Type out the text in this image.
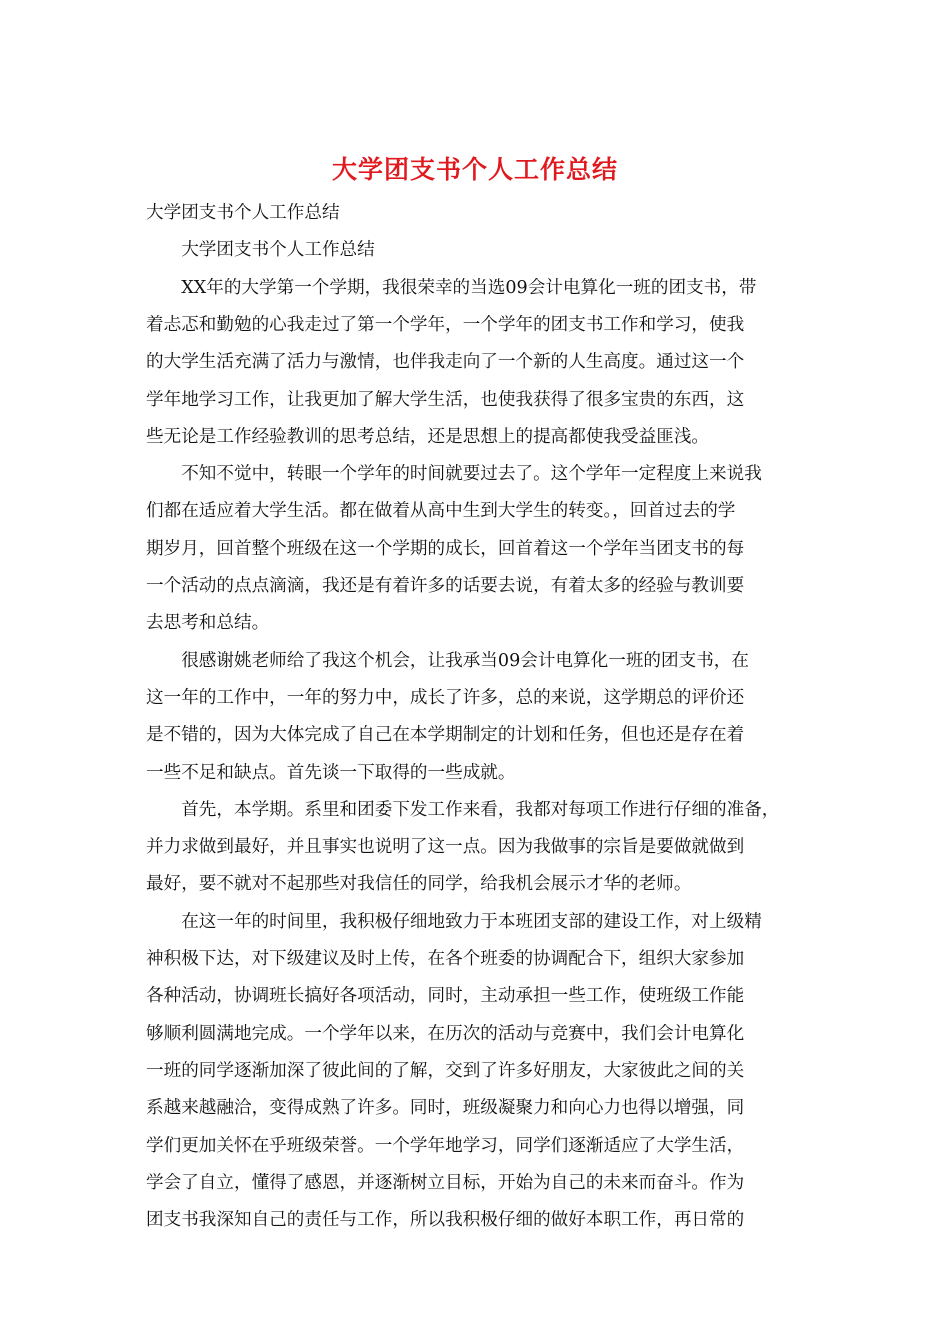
大学团支书个人工作总结
大学团支书个人工作总结
　　大学团支书个人工作总结
　　XX年的大学第一个学期，我很荣幸的当选09会计电算化一班的团支书，带
着忐忑和勤勉的心我走过了第一个学年，一个学年的团支书工作和学习，使我
的大学生活充满了活力与激情，也伴我走向了一个新的人生高度。通过这一个
学年地学习工作，让我更加了解大学生活，也使我获得了很多宝贵的东西，这
些无论是工作经验教训的思考总结，还是思想上的提高都使我受益匪浅。
　　不知不觉中，转眼一个学年的时间就要过去了。这个学年一定程度上来说我
们都在适应着大学生活。都在做着从高中生到大学生的转变。，回首过去的学
期岁月，回首整个班级在这一个学期的成长，回首着这一个学年当团支书的每
一个活动的点点滴滴，我还是有着许多的话要去说，有着太多的经验与教训要
去思考和总结。
　　很感谢姚老师给了我这个机会，让我承当09会计电算化一班的团支书，在
这一年的工作中，一年的努力中，成长了许多，总的来说，这学期总的评价还
是不错的，因为大体完成了自己在本学期制定的计划和任务，但也还是存在着
一些不足和缺点。首先谈一下取得的一些成就。
　　首先，本学期。系里和团委下发工作来看，我都对每项工作进行仔细的准备，
并力求做到最好，并且事实也说明了这一点。因为我做事的宗旨是要做就做到
最好，要不就对不起那些对我信任的同学，给我机会展示才华的老师。
　　在这一年的时间里，我积极仔细地致力于本班团支部的建设工作，对上级精
神积极下达，对下级建议及时上传，在各个班委的协调配合下，组织大家参加
各种活动，协调班长搞好各项活动，同时，主动承担一些工作，使班级工作能
够顺利圆满地完成。一个学年以来，在历次的活动与竞赛中，我们会计电算化
一班的同学逐渐加深了彼此间的了解，交到了许多好朋友，大家彼此之间的关
系越来越融洽，变得成熟了许多。同时，班级凝聚力和向心力也得以增强，同
学们更加关怀在乎班级荣誉。一个学年地学习，同学们逐渐适应了大学生活，
学会了自立，懂得了感恩，并逐渐树立目标，开始为自己的未来而奋斗。作为
团支书我深知自己的责任与工作，所以我积极仔细的做好本职工作，再日常的
